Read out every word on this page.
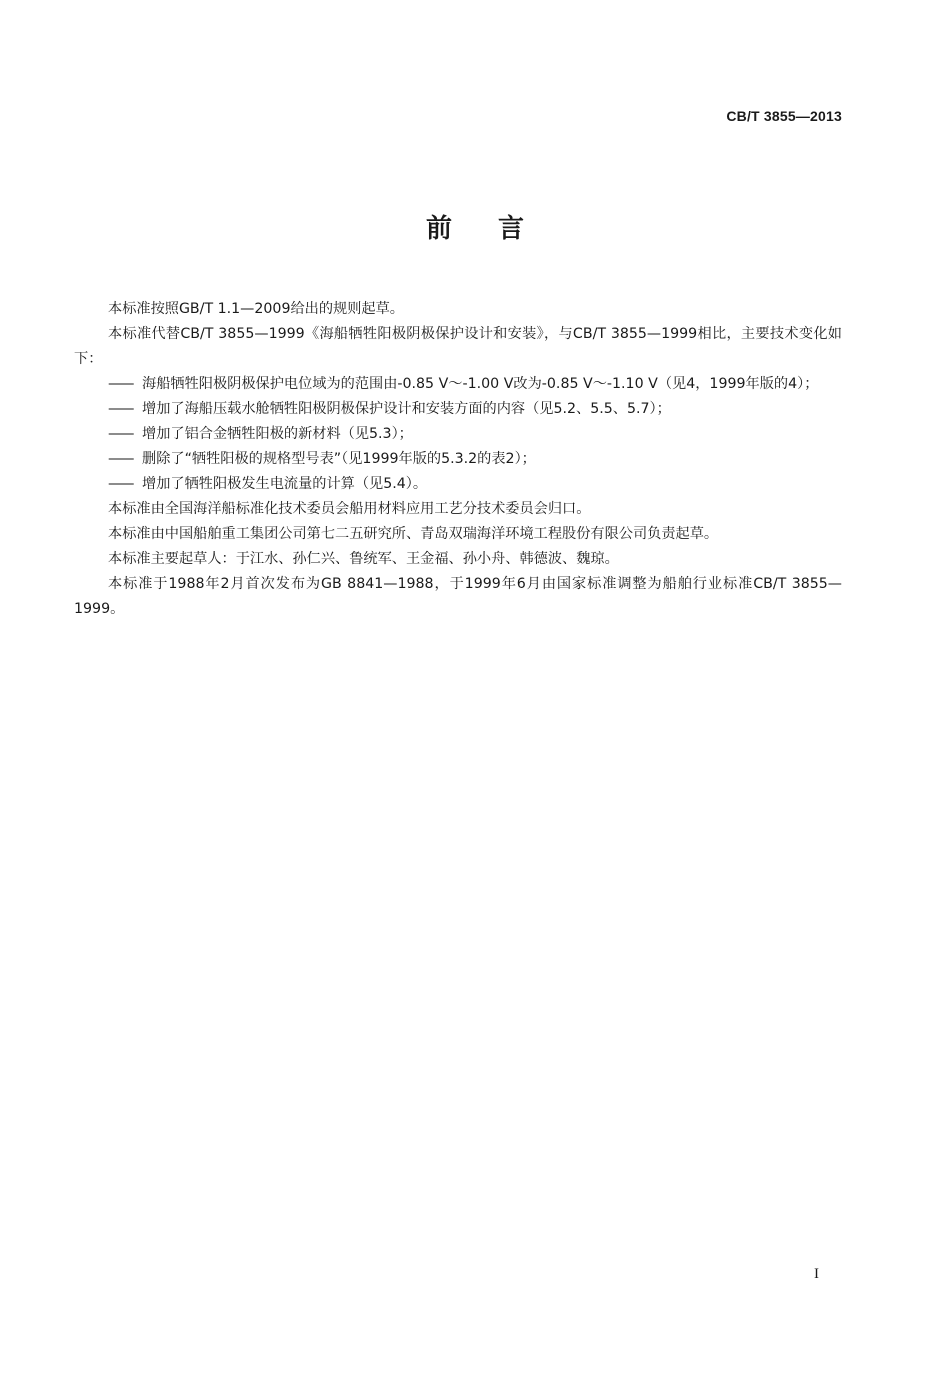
CB/T 3855—2013
前言

本标准按照GB/T 1.1—2009给出的规则起草。

本标准代替CB/T 3855—1999《海船牺牲阳极阴极保护设计和安装》，与CB/T 3855—1999相比，主要技术变化如下：

—— 海船牺牲阳极阴极保护电位域为的范围由-0.85 V～-1.00 V改为-0.85 V～-1.10 V（见4，1999年版的4）；

—— 增加了海船压载水舱牺牲阳极阴极保护设计和安装方面的内容（见5.2、5.5、5.7）；

—— 增加了铝合金牺牲阳极的新材料（见5.3）；

—— 删除了“牺牲阳极的规格型号表”（见1999年版的5.3.2的表2）；

—— 增加了牺牲阳极发生电流量的计算（见5.4）。

本标准由全国海洋船标准化技术委员会船用材料应用工艺分技术委员会归口。

本标准由中国船舶重工集团公司第七二五研究所、青岛双瑞海洋环境工程股份有限公司负责起草。

本标准主要起草人：于江水、孙仁兴、鲁统军、王金福、孙小舟、韩德波、魏琼。

本标准于1988年2月首次发布为GB 8841—1988，于1999年6月由国家标准调整为船舶行业标准CB/T 3855—1999。

I
